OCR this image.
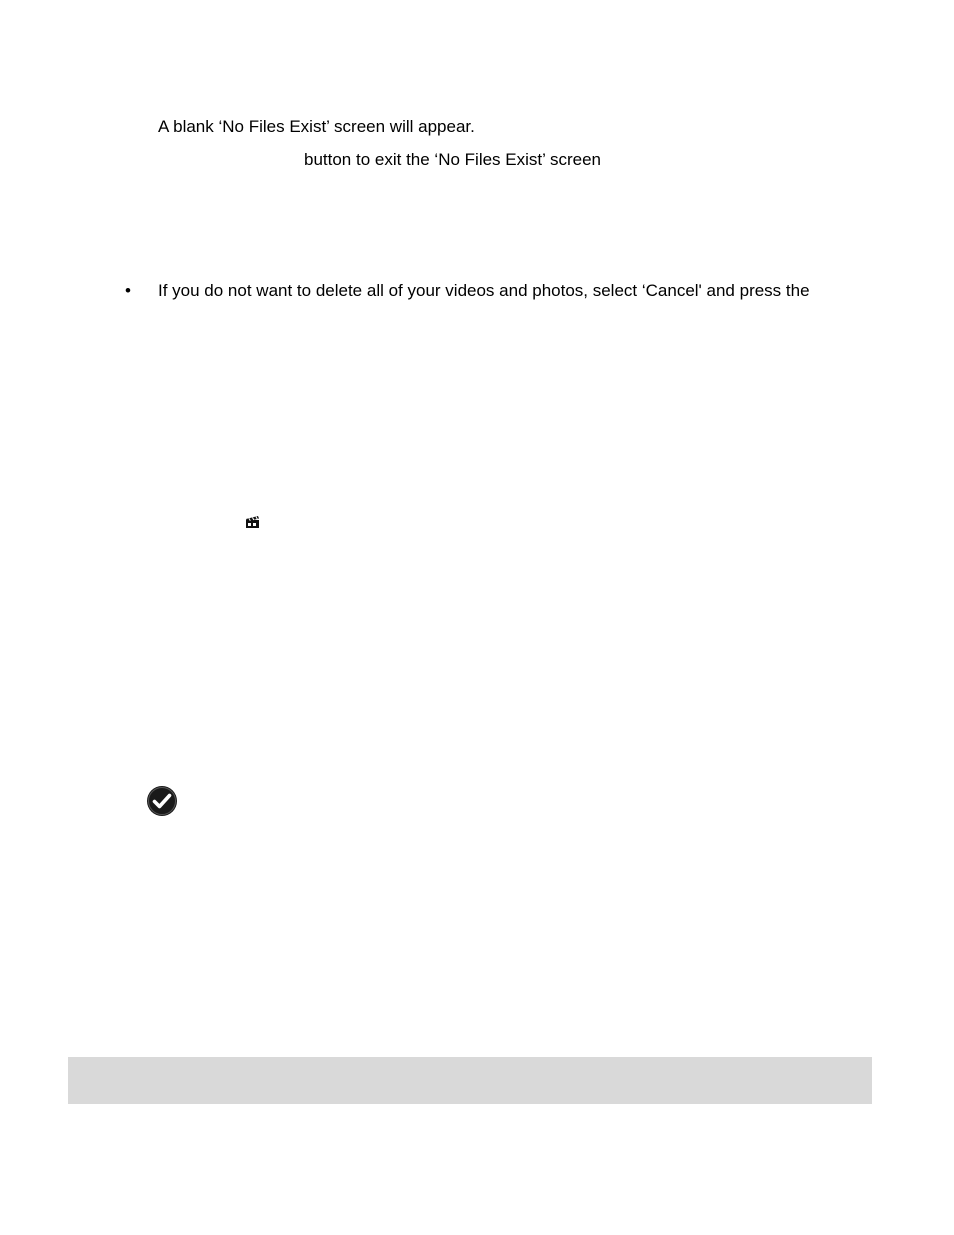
A blank ‘No Files Exist’ screen will appear.
button to exit the ‘No Files Exist’ screen
• If you do not want to delete all of your videos and photos, select ‘Cancel' and press the
